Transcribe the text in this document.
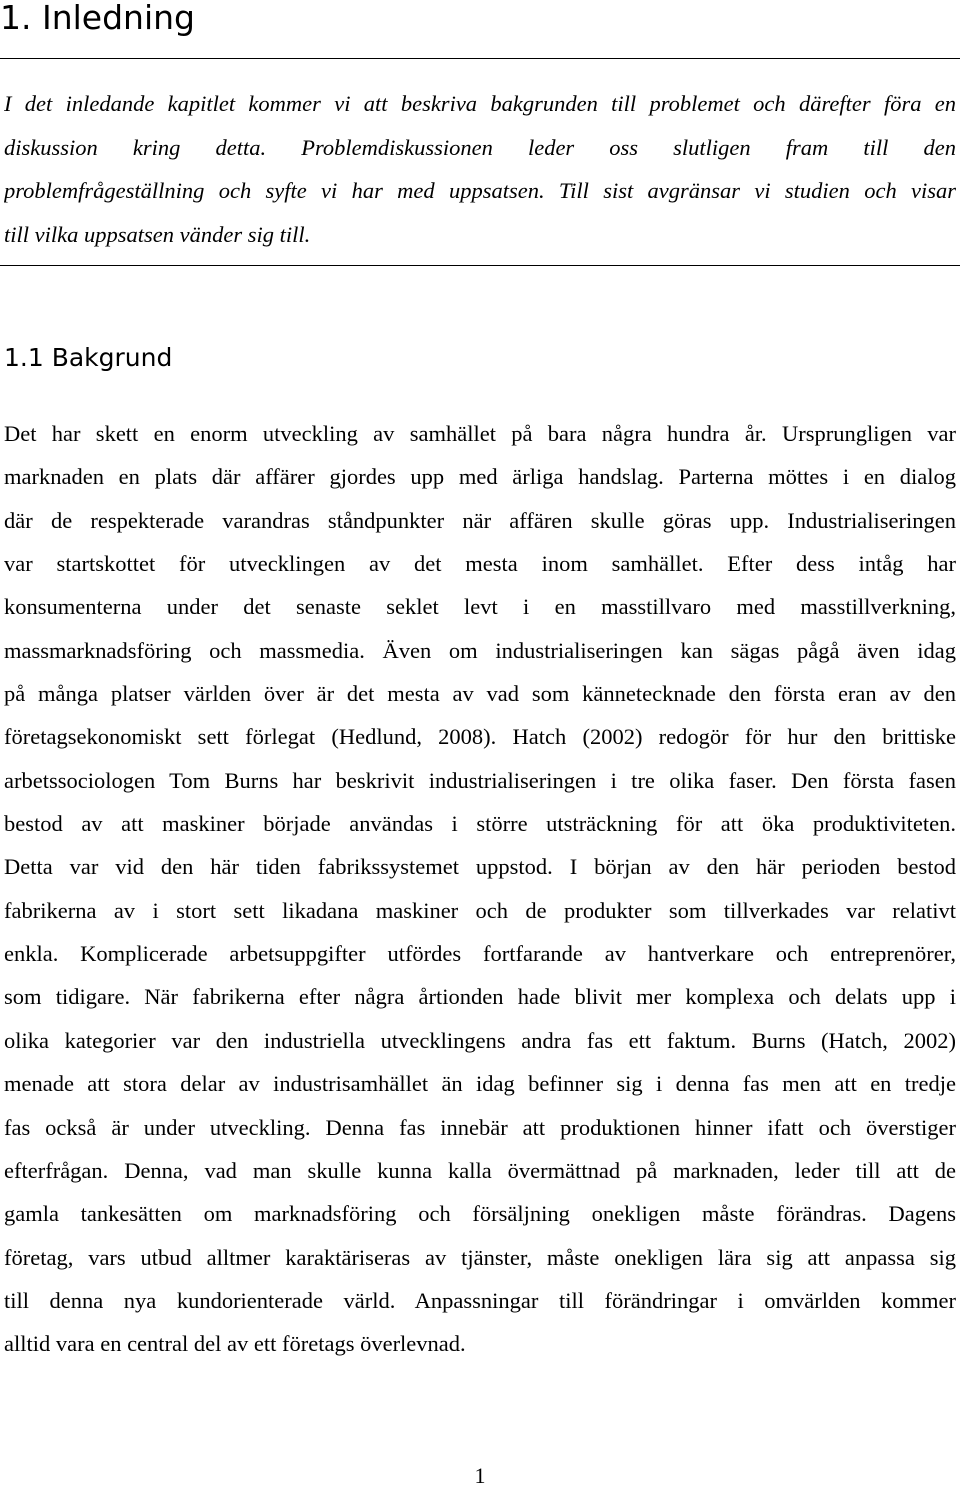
1. Inledning
I det inledande kapitlet kommer vi att beskriva bakgrunden till problemet och därefter föra en
diskussion kring detta. Problemdiskussionen leder oss slutligen fram till den
problemfrågeställning och syfte vi har med uppsatsen. Till sist avgränsar vi studien och visar
till vilka uppsatsen vänder sig till.
1.1 Bakgrund
Det har skett en enorm utveckling av samhället på bara några hundra år. Ursprungligen var
marknaden en plats där affärer gjordes upp med ärliga handslag. Parterna möttes i en dialog
där de respekterade varandras ståndpunkter när affären skulle göras upp. Industrialiseringen
var startskottet för utvecklingen av det mesta inom samhället. Efter dess intåg har
konsumenterna under det senaste seklet levt i en masstillvaro med masstillverkning,
massmarknadsföring och massmedia. Även om industrialiseringen kan sägas pågå även idag
på många platser världen över är det mesta av vad som kännetecknade den första eran av den
företagsekonomiskt sett förlegat (Hedlund, 2008). Hatch (2002) redogör för hur den brittiske
arbetssociologen Tom Burns har beskrivit industrialiseringen i tre olika faser. Den första fasen
bestod av att maskiner började användas i större utsträckning för att öka produktiviteten.
Detta var vid den här tiden fabrikssystemet uppstod. I början av den här perioden bestod
fabrikerna av i stort sett likadana maskiner och de produkter som tillverkades var relativt
enkla. Komplicerade arbetsuppgifter utfördes fortfarande av hantverkare och entreprenörer,
som tidigare. När fabrikerna efter några årtionden hade blivit mer komplexa och delats upp i
olika kategorier var den industriella utvecklingens andra fas ett faktum. Burns (Hatch, 2002)
menade att stora delar av industrisamhället än idag befinner sig i denna fas men att en tredje
fas också är under utveckling. Denna fas innebär att produktionen hinner ifatt och överstiger
efterfrågan. Denna, vad man skulle kunna kalla övermättnad på marknaden, leder till att de
gamla tankesätten om marknadsföring och försäljning onekligen måste förändras. Dagens
företag, vars utbud alltmer karaktäriseras av tjänster, måste onekligen lära sig att anpassa sig
till denna nya kundorienterade värld. Anpassningar till förändringar i omvärlden kommer
alltid vara en central del av ett företags överlevnad.
1
